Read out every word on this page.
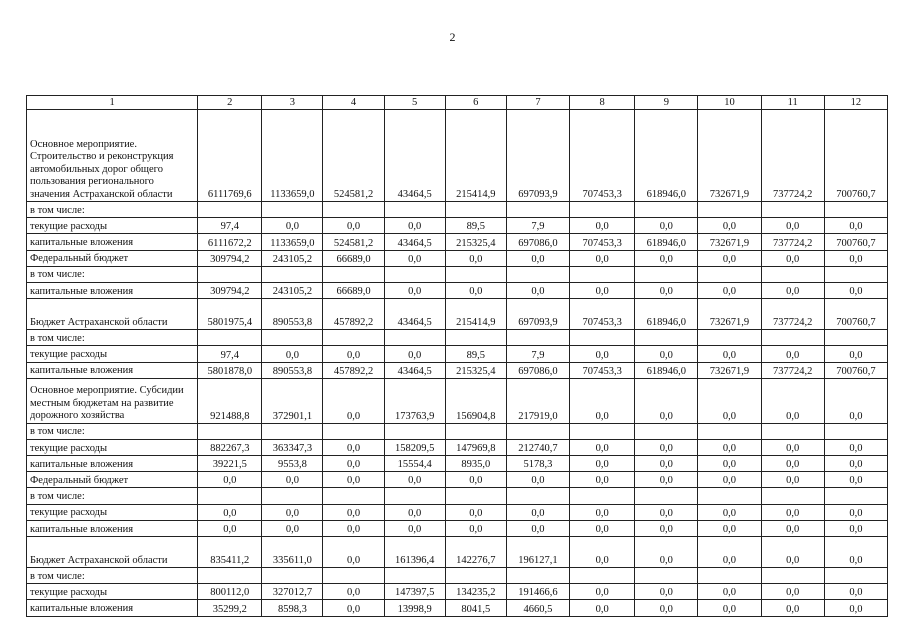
2
1	2	3	4	5	6	7	8	9	10	11	12
Основное мероприятие. Строительство и реконструкция автомобильных дорог общего пользования регионального значения Астраханской области	6111769,6	1133659,0	524581,2	43464,5	215414,9	697093,9	707453,3	618946,0	732671,9	737724,2	700760,7
в том числе:											
текущие расходы	97,4	0,0	0,0	0,0	89,5	7,9	0,0	0,0	0,0	0,0	0,0
капитальные вложения	6111672,2	1133659,0	524581,2	43464,5	215325,4	697086,0	707453,3	618946,0	732671,9	737724,2	700760,7
Федеральный бюджет	309794,2	243105,2	66689,0	0,0	0,0	0,0	0,0	0,0	0,0	0,0	0,0
в том числе:											
капитальные вложения	309794,2	243105,2	66689,0	0,0	0,0	0,0	0,0	0,0	0,0	0,0	0,0
Бюджет Астраханской области	5801975,4	890553,8	457892,2	43464,5	215414,9	697093,9	707453,3	618946,0	732671,9	737724,2	700760,7
в том числе:											
текущие расходы	97,4	0,0	0,0	0,0	89,5	7,9	0,0	0,0	0,0	0,0	0,0
капитальные вложения	5801878,0	890553,8	457892,2	43464,5	215325,4	697086,0	707453,3	618946,0	732671,9	737724,2	700760,7
Основное мероприятие. Субсидии местным бюджетам на развитие дорожного хозяйства	921488,8	372901,1	0,0	173763,9	156904,8	217919,0	0,0	0,0	0,0	0,0	0,0
в том числе:											
текущие расходы	882267,3	363347,3	0,0	158209,5	147969,8	212740,7	0,0	0,0	0,0	0,0	0,0
капитальные вложения	39221,5	9553,8	0,0	15554,4	8935,0	5178,3	0,0	0,0	0,0	0,0	0,0
Федеральный бюджет	0,0	0,0	0,0	0,0	0,0	0,0	0,0	0,0	0,0	0,0	0,0
в том числе:											
текущие расходы	0,0	0,0	0,0	0,0	0,0	0,0	0,0	0,0	0,0	0,0	0,0
капитальные вложения	0,0	0,0	0,0	0,0	0,0	0,0	0,0	0,0	0,0	0,0	0,0
Бюджет Астраханской области	835411,2	335611,0	0,0	161396,4	142276,7	196127,1	0,0	0,0	0,0	0,0	0,0
в том числе:											
текущие расходы	800112,0	327012,7	0,0	147397,5	134235,2	191466,6	0,0	0,0	0,0	0,0	0,0
капитальные вложения	35299,2	8598,3	0,0	13998,9	8041,5	4660,5	0,0	0,0	0,0	0,0	0,0
